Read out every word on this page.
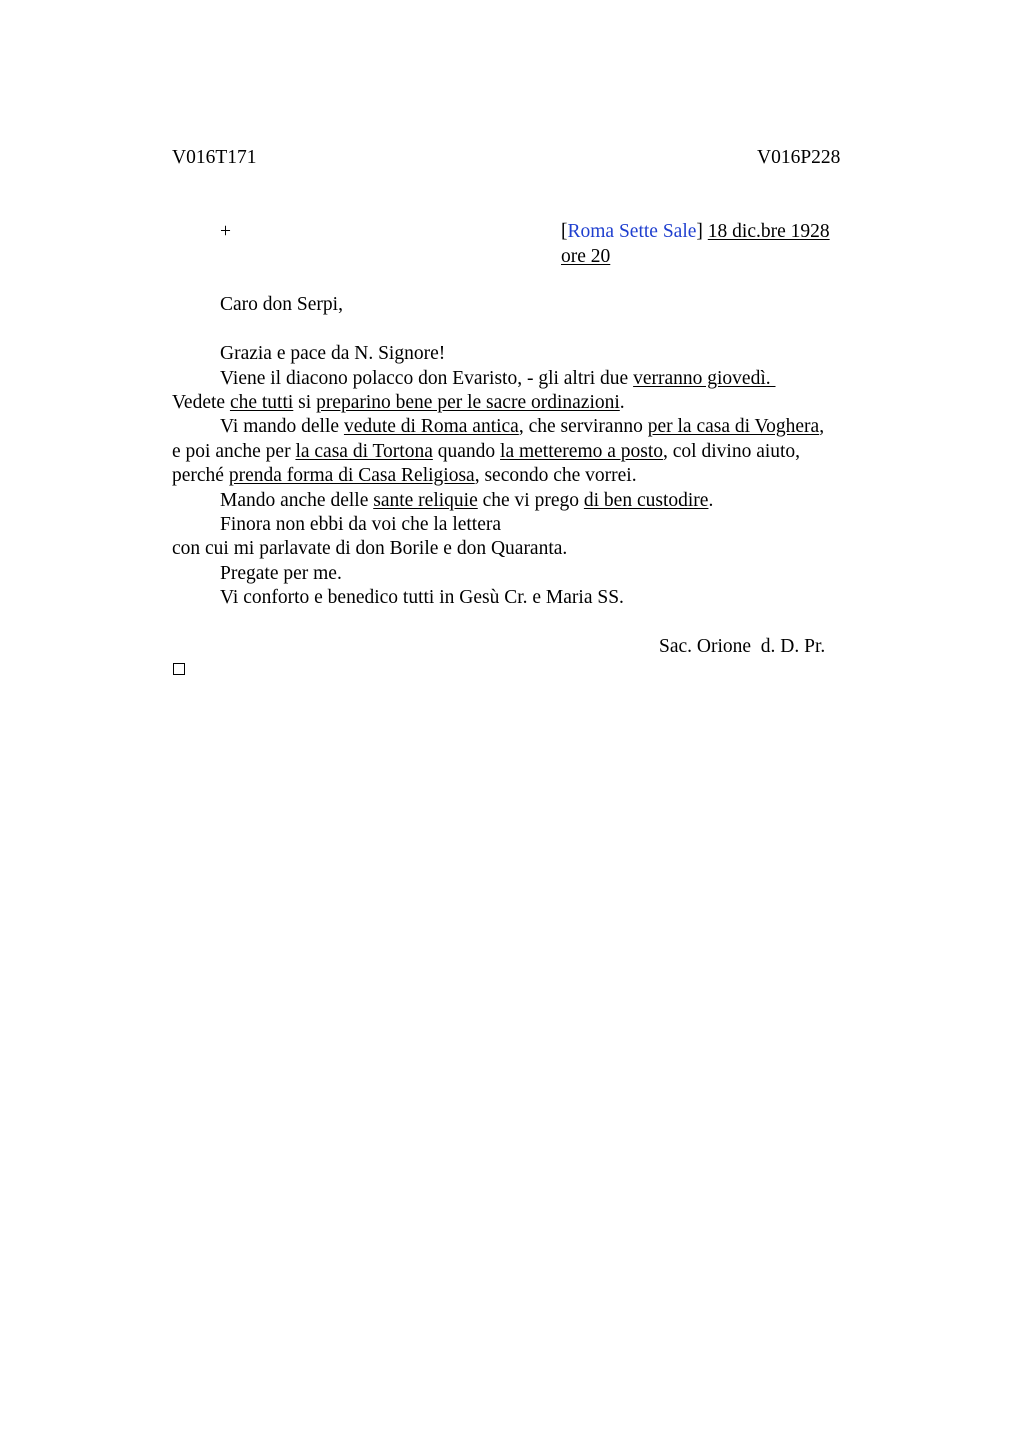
V016T171	V016P228
+	[Roma Sette Sale] 18 dic.bre 1928
ore 20
Caro don Serpi,
Grazia e pace da N. Signore!
Viene il diacono polacco don Evaristo, - gli altri due verranno giovedì.
Vedete che tutti si preparino bene per le sacre ordinazioni.
Vi mando delle vedute di Roma antica, che serviranno per la casa di Voghera,
e poi anche per la casa di Tortona quando la metteremo a posto, col divino aiuto,
perché prenda forma di Casa Religiosa, secondo che vorrei.
Mando anche delle sante reliquie che vi prego di ben custodire.
Finora non ebbi da voi che la lettera
con cui mi parlavate di don Borile e don Quaranta.
Pregate per me.
Vi conforto e benedico tutti in Gesù Cr. e Maria SS.
Sac. Orione  d. D. Pr.
